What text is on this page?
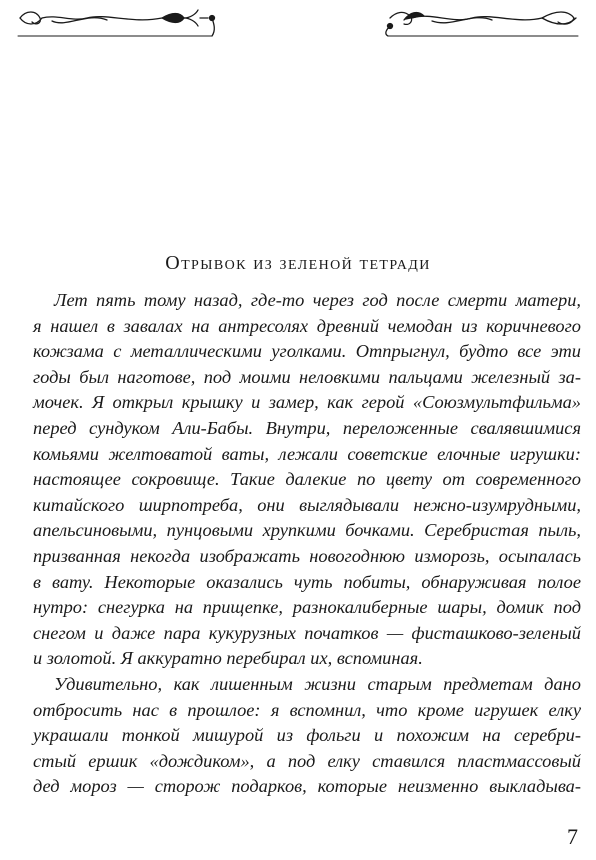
Отрывок из зеленой тетради
Лет пять тому назад, где-то через год после смерти матери,
я нашел в завалах на антресолях древний чемодан из коричневого
кожзама с металлическими уголками. Отпрыгнул, будто все эти
годы был наготове, под моими неловкими пальцами железный за-
мочек. Я открыл крышку и замер, как герой «Союзмультфильма»
перед сундуком Али-Бабы. Внутри, переложенные свалявшимися
комьями желтоватой ваты, лежали советские елочные игрушки:
настоящее сокровище. Такие далекие по цвету от современного
китайского ширпотреба, они выглядывали нежно-изумрудными,
апельсиновыми, пунцовыми хрупкими бочками. Серебристая пыль,
призванная некогда изображать новогоднюю изморозь, осыпалась
в вату. Некоторые оказались чуть побиты, обнаруживая полое
нутро: снегурка на прищепке, разнокалиберные шары, домик под
снегом и даже пара кукурузных початков — фисташково-зеленый
и золотой. Я аккуратно перебирал их, вспоминая.
Удивительно, как лишенным жизни старым предметам дано
отбросить нас в прошлое: я вспомнил, что кроме игрушек елку
украшали тонкой мишурой из фольги и похожим на серебри-
стый ершик «дождиком», а под елку ставился пластмассовый
дед мороз — сторож подарков, которые неизменно выкладыва-
7
